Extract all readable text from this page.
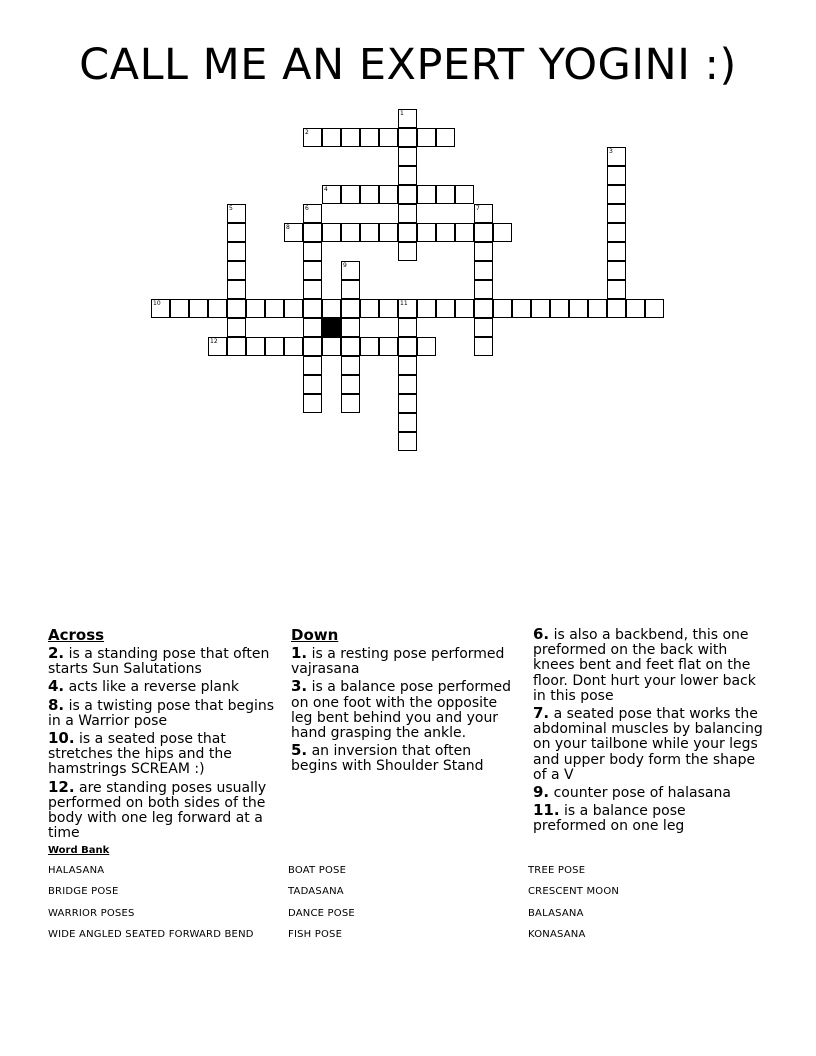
CALL ME AN EXPERT YOGINI :)
1
2
3
4
5	6	7
8
9
10	11
12
Across
2. is a standing pose that often starts Sun Salutations
4. acts like a reverse plank
8. is a twisting pose that begins in a Warrior pose
10. is a seated pose that stretches the hips and the hamstrings SCREAM :)
12. are standing poses usually performed on both sides of the body with one leg forward at a time
Down
1. is a resting pose performed vajrasana
3. is a balance pose performed on one foot with the opposite leg bent behind you and your hand grasping the ankle.
5. an inversion that often begins with Shoulder Stand
6. is also a backbend, this one preformed on the back with knees bent and feet flat on the floor. Dont hurt your lower back in this pose
7. a seated pose that works the abdominal muscles by balancing on your tailbone while your legs and upper body form the shape of a V
9. counter pose of halasana
11. is a balance pose preformed on one leg
Word Bank
HALASANA	BOAT POSE	TREE POSE
BRIDGE POSE	TADASANA	CRESCENT MOON
WARRIOR POSES	DANCE POSE	BALASANA
WIDE ANGLED SEATED FORWARD BEND	FISH POSE	KONASANA
